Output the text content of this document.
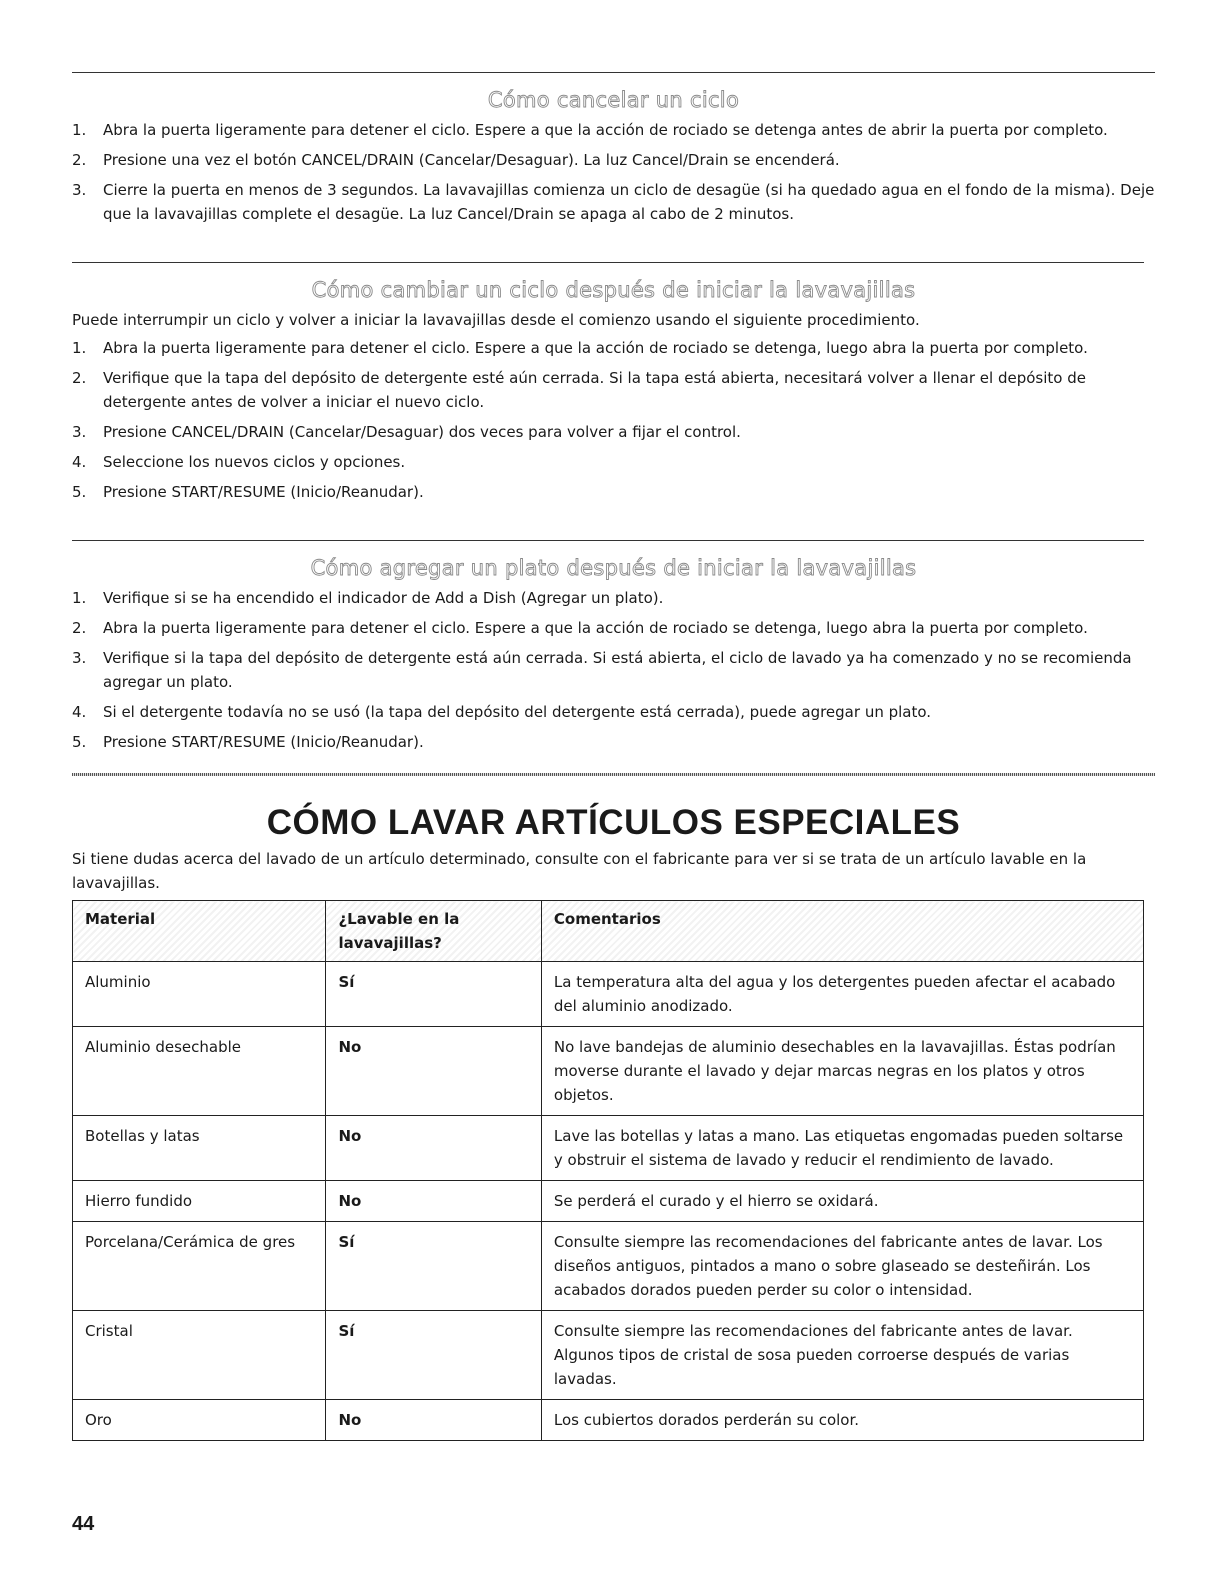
Cómo cancelar un ciclo
1. Abra la puerta ligeramente para detener el ciclo. Espere a que la acción de rociado se detenga antes de abrir la puerta por completo.
2. Presione una vez el botón CANCEL/DRAIN (Cancelar/Desaguar). La luz Cancel/Drain se encenderá.
3. Cierre la puerta en menos de 3 segundos. La lavavajillas comienza un ciclo de desagüe (si ha quedado agua en el fondo de la misma). Deje que la lavavajillas complete el desagüe. La luz Cancel/Drain se apaga al cabo de 2 minutos.
Cómo cambiar un ciclo después de iniciar la lavavajillas

Puede interrumpir un ciclo y volver a iniciar la lavavajillas desde el comienzo usando el siguiente procedimiento.

1. Abra la puerta ligeramente para detener el ciclo. Espere a que la acción de rociado se detenga, luego abra la puerta por completo.
2. Verifique que la tapa del depósito de detergente esté aún cerrada. Si la tapa está abierta, necesitará volver a llenar el depósito de detergente antes de volver a iniciar el nuevo ciclo.
3. Presione CANCEL/DRAIN (Cancelar/Desaguar) dos veces para volver a fijar el control.
4. Seleccione los nuevos ciclos y opciones.
5. Presione START/RESUME (Inicio/Reanudar).
Cómo agregar un plato después de iniciar la lavavajillas
1. Verifique si se ha encendido el indicador de Add a Dish (Agregar un plato).
2. Abra la puerta ligeramente para detener el ciclo. Espere a que la acción de rociado se detenga, luego abra la puerta por completo.
3. Verifique si la tapa del depósito de detergente está aún cerrada. Si está abierta, el ciclo de lavado ya ha comenzado y no se recomienda agregar un plato.
4. Si el detergente todavía no se usó (la tapa del depósito del detergente está cerrada), puede agregar un plato.
5. Presione START/RESUME (Inicio/Reanudar).
CÓMO LAVAR ARTÍCULOS ESPECIALES

Si tiene dudas acerca del lavado de un artículo determinado, consulte con el fabricante para ver si se trata de un artículo lavable en la lavavajillas.

Material	¿Lavable en la lavavajillas?	Comentarios
Aluminio	Sí	La temperatura alta del agua y los detergentes pueden afectar el acabado del aluminio anodizado.
Aluminio desechable	No	No lave bandejas de aluminio desechables en la lavavajillas. Éstas podrían moverse durante el lavado y dejar marcas negras en los platos y otros objetos.
Botellas y latas	No	Lave las botellas y latas a mano. Las etiquetas engomadas pueden soltarse y obstruir el sistema de lavado y reducir el rendimiento de lavado.
Hierro fundido	No	Se perderá el curado y el hierro se oxidará.
Porcelana/Cerámica de gres	Sí	Consulte siempre las recomendaciones del fabricante antes de lavar. Los diseños antiguos, pintados a mano o sobre glaseado se desteñirán. Los acabados dorados pueden perder su color o intensidad.
Cristal	Sí	Consulte siempre las recomendaciones del fabricante antes de lavar. Algunos tipos de cristal de sosa pueden corroerse después de varias lavadas.
Oro	No	Los cubiertos dorados perderán su color.
44
